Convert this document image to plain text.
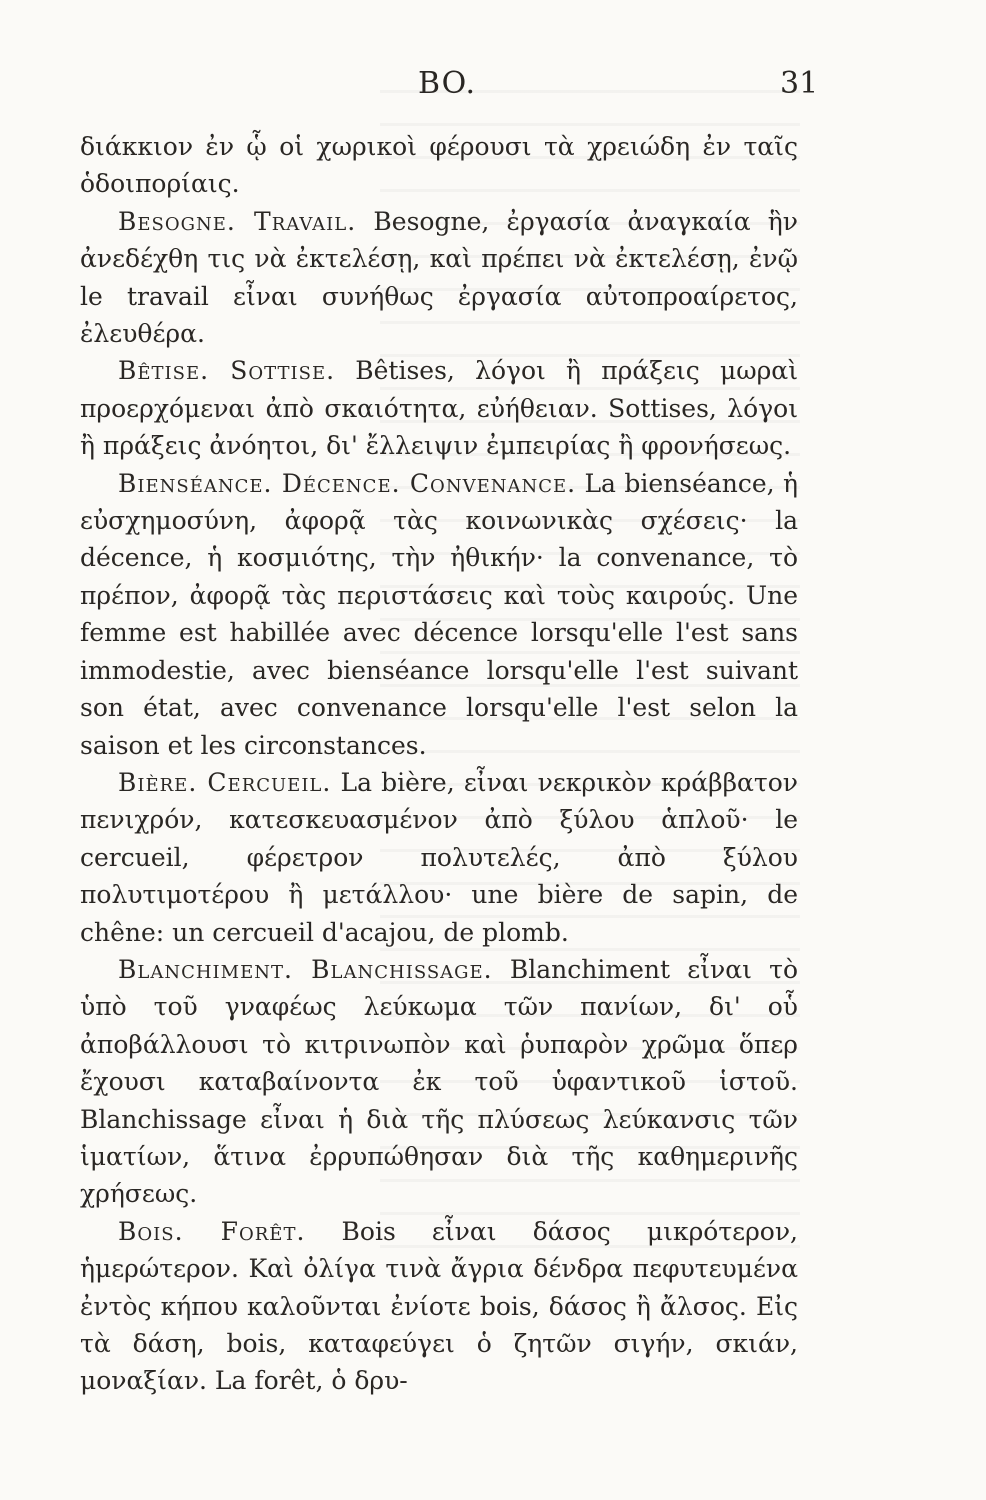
BO.	31

διάκκιον ἐν ᾧ οἱ χωρικοὶ φέρουσι τὰ χρειώδη ἐν ταῖς ὁδοιπορίαις.

Besogne. Travail. Besogne, ἐργασία ἀναγκαία ἣν ἀνεδέχθη τις νὰ ἐκτελέσῃ, καὶ πρέπει νὰ ἐκτελέσῃ, ἐνῷ le travail εἶναι συνήθως ἐργασία αὐτοπροαίρετος, ἐλευθέρα.

Bêtise. Sottise. Bêtises, λόγοι ἢ πράξεις μωραὶ προερχόμεναι ἀπὸ σκαιότητα, εὐήθειαν. Sottises, λόγοι ἢ πράξεις ἀνόητοι, δι' ἔλλειψιν ἐμπειρίας ἢ φρονήσεως.

Bienséance. Décence. Convenance. La bienséance, ἡ εὐσχημοσύνη, ἀφορᾷ τὰς κοινωνικὰς σχέσεις· la décence, ἡ κοσμιότης, τὴν ἠθικήν· la convenance, τὸ πρέπον, ἀφορᾷ τὰς περιστάσεις καὶ τοὺς καιρούς. Une femme est habillée avec décence lorsqu'elle l'est sans immodestie, avec bienséance lorsqu'elle l'est suivant son état, avec convenance lorsqu'elle l'est selon la saison et les circonstances.

Bière. Cercueil. La bière, εἶναι νεκρικὸν κράββατον πενιχρόν, κατεσκευασμένον ἀπὸ ξύλου ἁπλοῦ· le cercueil, φέρετρον πολυτελές, ἀπὸ ξύλου πολυτιμοτέρου ἢ μετάλλου· une bière de sapin, de chêne: un cercueil d'acajou, de plomb.

Blanchiment. Blanchissage. Blanchiment εἶναι τὸ ὑπὸ τοῦ γναφέως λεύκωμα τῶν πανίων, δι' οὗ ἀποβάλλουσι τὸ κιτρινωπὸν καὶ ῥυπαρὸν χρῶμα ὅπερ ἔχουσι καταβαίνοντα ἐκ τοῦ ὑφαντικοῦ ἱστοῦ. Blanchissage εἶναι ἡ διὰ τῆς πλύσεως λεύκανσις τῶν ἱματίων, ἅτινα ἐρρυπώθησαν διὰ τῆς καθημερινῆς χρήσεως.

Bois. Forêt. Bois εἶναι δάσος μικρότερον, ἡμερώτερον. Καὶ ὀλίγα τινὰ ἄγρια δένδρα πεφυτευμένα ἐντὸς κήπου καλοῦνται ἐνίοτε bois, δάσος ἢ ἄλσος. Εἰς τὰ δάση, bois, καταφεύγει ὁ ζητῶν σιγήν, σκιάν, μοναξίαν. La forêt, ὁ δρυ-
